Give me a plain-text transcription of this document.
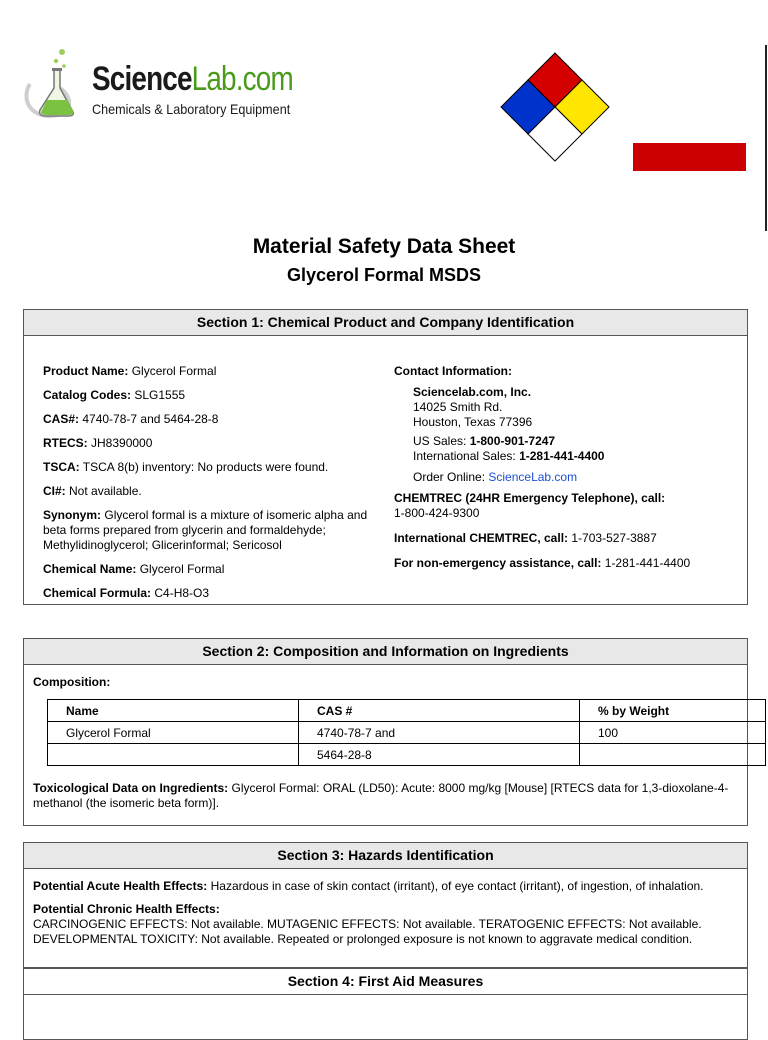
ScienceLab.com
Chemicals & Laboratory Equipment
Material Safety Data Sheet
Glycerol Formal MSDS
Section 1: Chemical Product and Company Identification
Product Name: Glycerol Formal
Catalog Codes: SLG1555
CAS#: 4740-78-7 and 5464-28-8
RTECS: JH8390000
TSCA: TSCA 8(b) inventory: No products were found.
CI#: Not available.
Synonym: Glycerol formal is a mixture of isomeric alpha and beta forms prepared from glycerin and formaldehyde; Methylidinoglycerol; Glicerinformal; Sericosol
Chemical Name: Glycerol Formal
Chemical Formula: C4-H8-O3
Contact Information:
Sciencelab.com, Inc.
14025 Smith Rd.
Houston, Texas 77396
US Sales: 1-800-901-7247
International Sales: 1-281-441-4400
Order Online: ScienceLab.com
CHEMTREC (24HR Emergency Telephone), call:
1-800-424-9300
International CHEMTREC, call: 1-703-527-3887
For non-emergency assistance, call: 1-281-441-4400
Section 2: Composition and Information on Ingredients
Composition:
Name	CAS #	% by Weight
Glycerol Formal	4740-78-7 and	100
	5464-28-8	
Toxicological Data on Ingredients: Glycerol Formal: ORAL (LD50): Acute: 8000 mg/kg [Mouse] [RTECS data for 1,3-dioxolane-4-methanol (the isomeric beta form)].
Section 3: Hazards Identification
Potential Acute Health Effects: Hazardous in case of skin contact (irritant), of eye contact (irritant), of ingestion, of inhalation.
Potential Chronic Health Effects:
CARCINOGENIC EFFECTS: Not available. MUTAGENIC EFFECTS: Not available. TERATOGENIC EFFECTS: Not available. DEVELOPMENTAL TOXICITY: Not available. Repeated or prolonged exposure is not known to aggravate medical condition.
Section 4: First Aid Measures
